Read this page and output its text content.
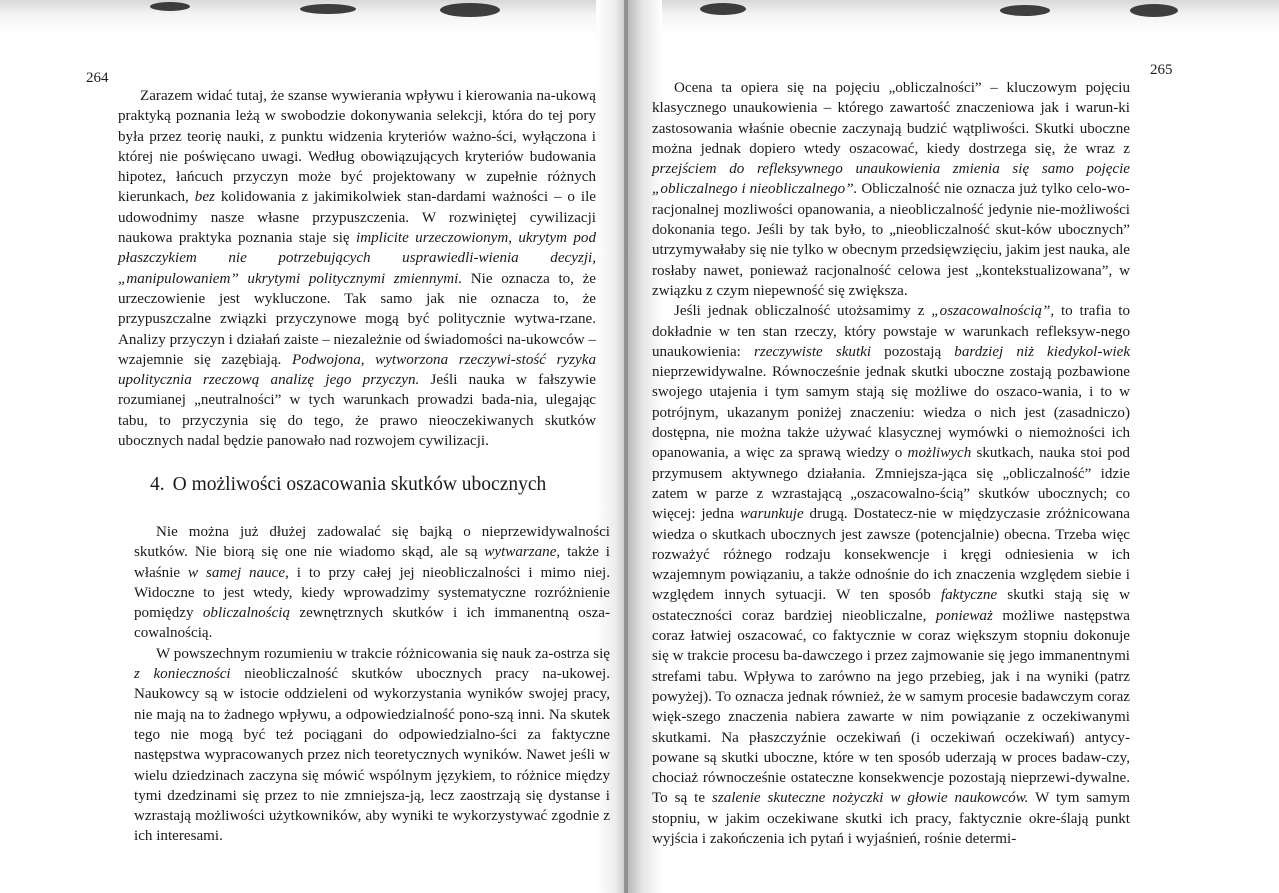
264	265

Zarazem widać tutaj, że szanse wywierania wpływu i kierowania na-ukową praktyką poznania leżą w swobodzie dokonywania selekcji, która do tej pory była przez teorię nauki, z punktu widzenia kryteriów ważno-ści, wyłączona i której nie poświęcano uwagi. Według obowiązujących kryteriów budowania hipotez, łańcuch przyczyn może być projektowany w zupełnie różnych kierunkach, bez kolidowania z jakimikolwiek stan-dardami ważności – o ile udowodnimy nasze własne przypuszczenia. W rozwiniętej cywilizacji naukowa praktyka poznania staje się implicite urzeczowionym, ukrytym pod płaszczykiem nie potrzebujących usprawiedli-wienia decyzji, „manipulowaniem” ukrytymi politycznymi zmiennymi. Nie oznacza to, że urzeczowienie jest wykluczone. Tak samo jak nie oznacza to, że przypuszczalne związki przyczynowe mogą być politycznie wytwa-rzane. Analizy przyczyn i działań zaiste – niezależnie od świadomości na-ukowców – wzajemnie się zazębiają. Podwojona, wytworzona rzeczywi-stość ryzyka upolitycznia rzeczową analizę jego przyczyn. Jeśli nauka w fałszywie rozumianej „neutralności” w tych warunkach prowadzi bada-nia, ulegając tabu, to przyczynia się do tego, że prawo nieoczekiwanych skutków ubocznych nadal będzie panowało nad rozwojem cywilizacji.

4. O możliwości oszacowania skutków ubocznych

Nie można już dłużej zadowalać się bajką o nieprzewidywalności skutków. Nie biorą się one nie wiadomo skąd, ale są wytwarzane, także i właśnie w samej nauce, i to przy całej jej nieobliczalności i mimo niej. Widoczne to jest wtedy, kiedy wprowadzimy systematyczne rozróżnienie pomiędzy obliczalnością zewnętrznych skutków i ich immanentną osza-cowalnością.

W powszechnym rozumieniu w trakcie różnicowania się nauk za-ostrza się z konieczności nieobliczalność skutków ubocznych pracy na-ukowej. Naukowcy są w istocie oddzieleni od wykorzystania wyników swojej pracy, nie mają na to żadnego wpływu, a odpowiedzialność pono-szą inni. Na skutek tego nie mogą być też pociągani do odpowiedzialno-ści za faktyczne następstwa wypracowanych przez nich teoretycznych wyników. Nawet jeśli w wielu dziedzinach zaczyna się mówić wspólnym językiem, to różnice między tymi dzedzinami się przez to nie zmniejsza-ją, lecz zaostrzają się dystanse i wzrastają możliwości użytkowników, aby wyniki te wykorzystywać zgodnie z ich interesami.

Ocena ta opiera się na pojęciu „obliczalności” – kluczowym pojęciu klasycznego unaukowienia – którego zawartość znaczeniowa jak i warun-ki zastosowania właśnie obecnie zaczynają budzić wątpliwości. Skutki uboczne można jednak dopiero wtedy oszacować, kiedy dostrzega się, że wraz z przejściem do refleksywnego unaukowienia zmienia się samo pojęcie „obliczalnego i nieobliczalnego”. Obliczalność nie oznacza już tylko celo-wo-racjonalnej mozliwości opanowania, a nieobliczalność jedynie nie-możliwości dokonania tego. Jeśli by tak było, to „nieobliczalność skut-ków ubocznych” utrzymywałaby się nie tylko w obecnym przedsięwzięciu, jakim jest nauka, ale rosłaby nawet, ponieważ racjonalność celowa jest „kontekstualizowana”, w związku z czym niepewność się zwiększa.

Jeśli jednak obliczalność utożsamimy z „oszacowalnością”, to trafia to dokładnie w ten stan rzeczy, który powstaje w warunkach refleksyw-nego unaukowienia: rzeczywiste skutki pozostają bardziej niż kiedykol-wiek nieprzewidywalne. Równocześnie jednak skutki uboczne zostają pozbawione swojego utajenia i tym samym stają się możliwe do oszaco-wania, i to w potrójnym, ukazanym poniżej znaczeniu: wiedza o nich jest (zasadniczo) dostępna, nie można także używać klasycznej wymówki o niemożności ich opanowania, a więc za sprawą wiedzy o możliwych skutkach, nauka stoi pod przymusem aktywnego działania. Zmniejsza-jąca się „obliczalność” idzie zatem w parze z wzrastającą „oszacowalno-ścią” skutków ubocznych; co więcej: jedna warunkuje drugą. Dostatecz-nie w międzyczasie zróżnicowana wiedza o skutkach ubocznych jest zawsze (potencjalnie) obecna. Trzeba więc rozważyć różnego rodzaju konsekwencje i kręgi odniesienia w ich wzajemnym powiązaniu, a także odnośnie do ich znaczenia względem siebie i względem innych sytuacji. W ten sposób faktyczne skutki stają się w ostateczności coraz bardziej nieobliczalne, ponieważ możliwe następstwa coraz łatwiej oszacować, co faktycznie w coraz większym stopniu dokonuje się w trakcie procesu ba-dawczego i przez zajmowanie się jego immanentnymi strefami tabu. Wpływa to zarówno na jego przebieg, jak i na wyniki (patrz powyżej). To oznacza jednak również, że w samym procesie badawczym coraz więk-szego znaczenia nabiera zawarte w nim powiązanie z oczekiwanymi skutkami. Na płaszczyźnie oczekiwań (i oczekiwań oczekiwań) antycy-powane są skutki uboczne, które w ten sposób uderzają w proces badaw-czy, chociaż równocześnie ostateczne konsekwencje pozostają nieprzewi-dywalne. To są te szalenie skuteczne nożyczki w głowie naukowców. W tym samym stopniu, w jakim oczekiwane skutki ich pracy, faktycznie okre-ślają punkt wyjścia i zakończenia ich pytań i wyjaśnień, rośnie determi-
